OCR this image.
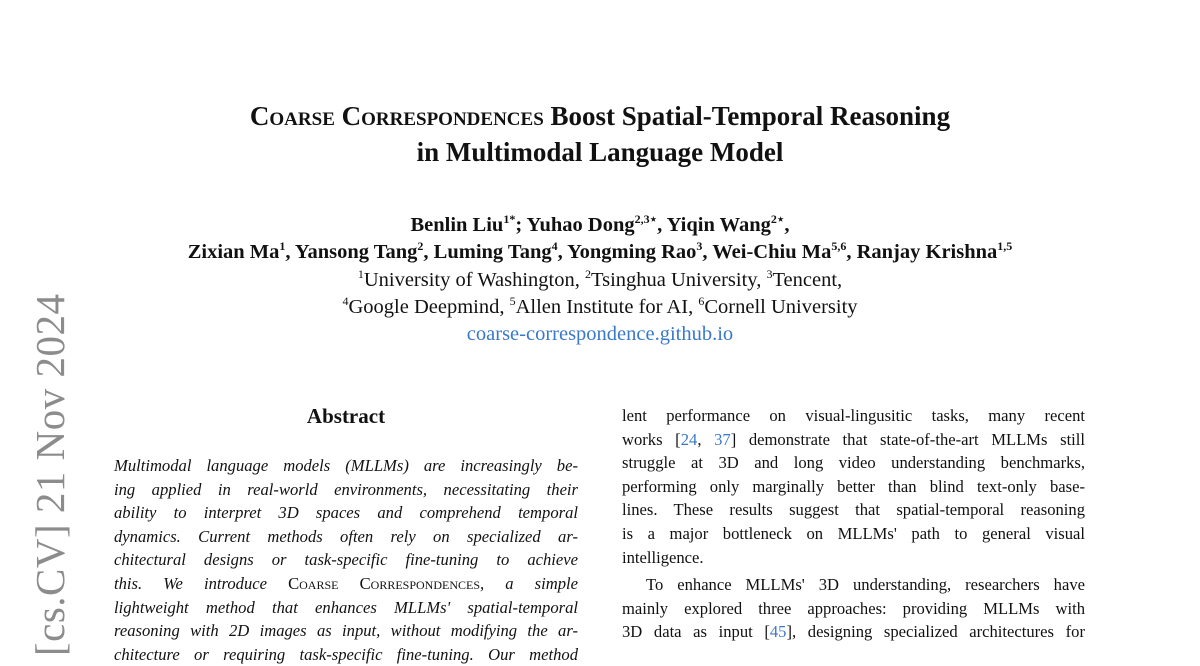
[cs.CV] 21 Nov 2024
Coarse Correspondences Boost Spatial-Temporal Reasoning
in Multimodal Language Model
Benlin Liu$^{1*}$; Yuhao Dong$^{2,3⋆}$, Yiqin Wang$^{2⋆}$,
Zixian Ma$^1$, Yansong Tang$^2$, Luming Tang$^4$, Yongming Rao$^3$, Wei-Chiu Ma$^{5,6}$, Ranjay Krishna$^{1,5}$
$^1$University of Washington, $^2$Tsinghua University, $^3$Tencent,
$^4$Google Deepmind, $^5$Allen Institute for AI, $^6$Cornell University
coarse-correspondence.github.io
Abstract
Multimodal language models (MLLMs) are increasingly be-
ing applied in real-world environments, necessitating their
ability to interpret 3D spaces and comprehend temporal
dynamics. Current methods often rely on specialized ar-
chitectural designs or task-specific fine-tuning to achieve
this. We introduce Coarse Correspondences, a simple
lightweight method that enhances MLLMs' spatial-temporal
reasoning with 2D images as input, without modifying the ar-
chitecture or requiring task-specific fine-tuning. Our method

lent performance on visual-lingusitic tasks, many recent
works [24, 37] demonstrate that state-of-the-art MLLMs still
struggle at 3D and long video understanding benchmarks,
performing only marginally better than blind text-only base-
lines. These results suggest that spatial-temporal reasoning
is a major bottleneck on MLLMs' path to general visual
intelligence.

To enhance MLLMs' 3D understanding, researchers have
mainly explored three approaches: providing MLLMs with
3D data as input [45], designing specialized architectures for
